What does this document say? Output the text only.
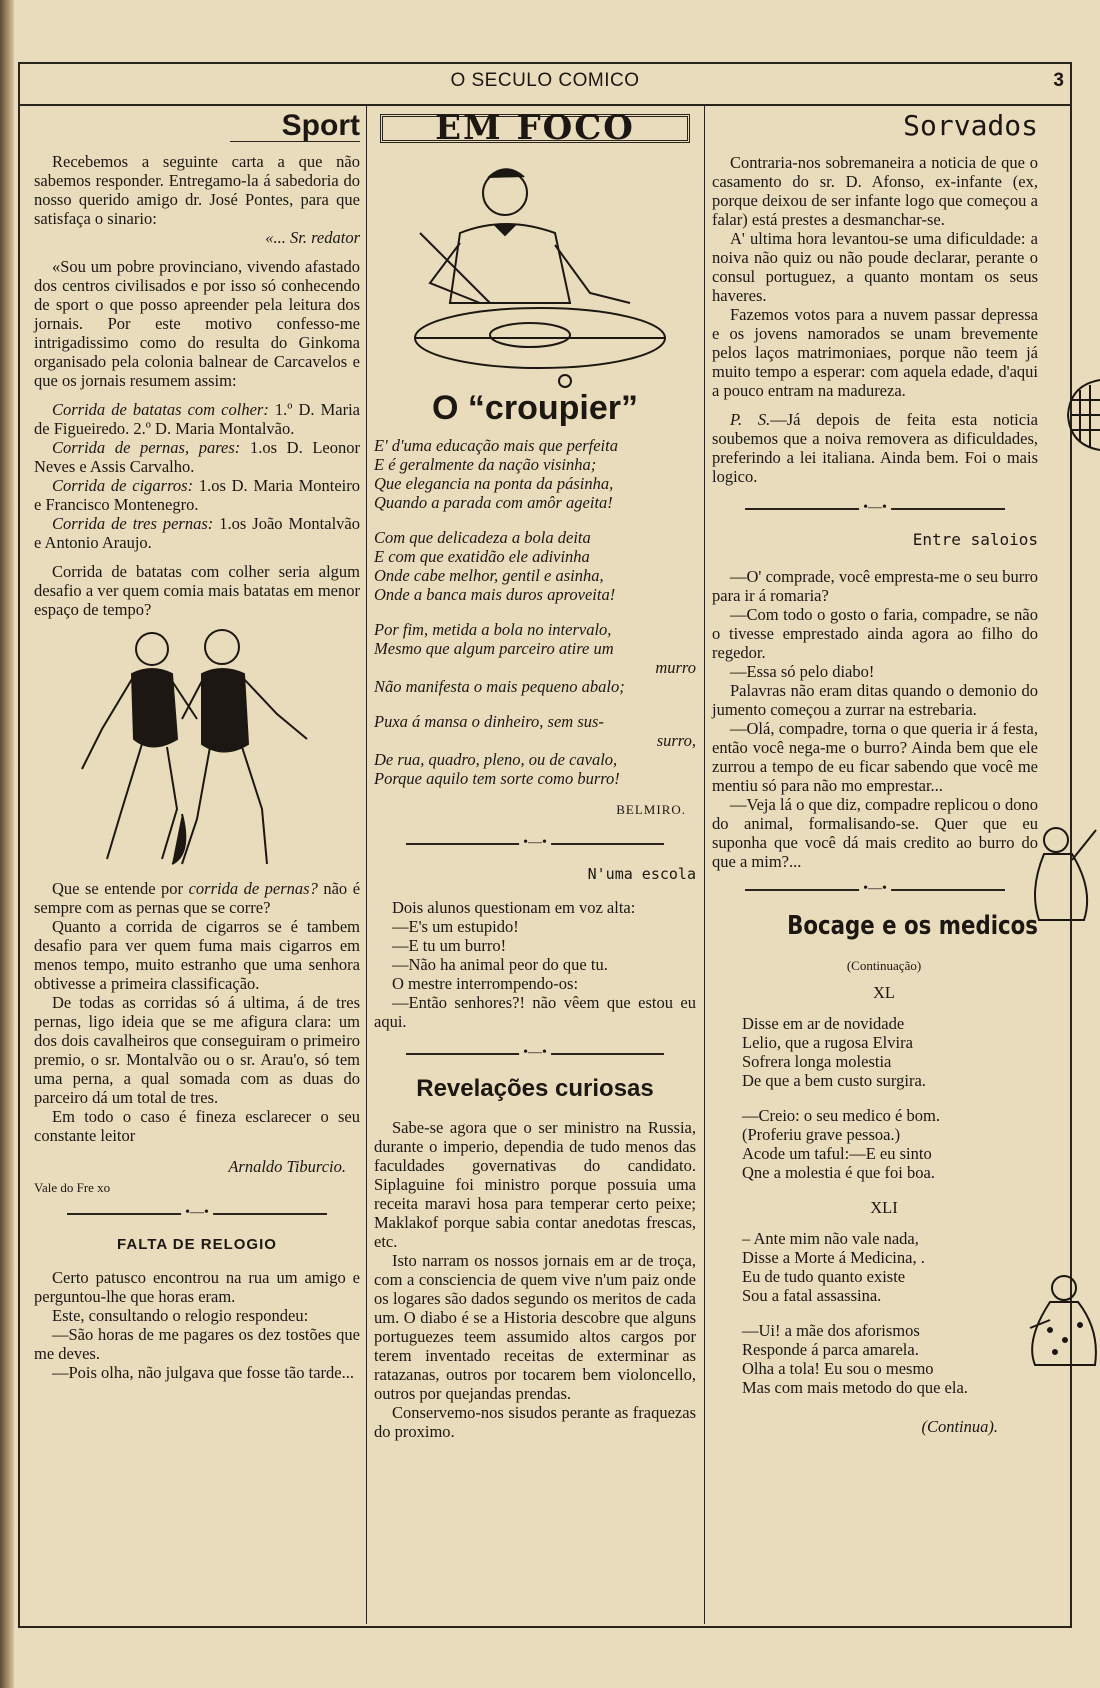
O SECULO COMICO	3
Sport

Recebemos a seguinte carta a que não sabemos responder. Entregamo-la á sabedoria do nosso querido amigo dr. José Pontes, para que satisfaça o sinario:

«... Sr. redator

«Sou um pobre provinciano, vivendo afastado dos centros civilisados e por isso só conhecendo de sport o que posso apreender pela leitura dos jornais. Por este motivo confesso-me intrigadissimo como do resulta do Ginkoma organisado pela colonia balnear de Carcavelos e que os jornais resumem assim:

Corrida de batatas com colher: 1.º D. Maria de Figueiredo. 2.º D. Maria Montalvão.

Corrida de pernas, pares: 1.os D. Leonor Neves e Assis Carvalho.

Corrida de cigarros: 1.os D. Maria Monteiro e Francisco Montenegro.

Corrida de tres pernas: 1.os João Montalvão e Antonio Araujo.

Corrida de batatas com colher seria algum desafio a ver quem comia mais batatas em menor espaço de tempo?

Que se entende por corrida de pernas? não é sempre com as pernas que se corre?

Quanto a corrida de cigarros se é tambem desafio para ver quem fuma mais cigarros em menos tempo, muito estranho que uma senhora obtivesse a primeira classificação.

De todas as corridas só á ultima, á de tres pernas, ligo ideia que se me afigura clara: um dos dois cavalheiros que conseguiram o primeiro premio, o sr. Montalvão ou o sr. Arau'o, só tem uma perna, a qual somada com as duas do parceiro dá um total de tres.

Em todo o caso é fineza esclarecer o seu constante leitor

Arnaldo Tiburcio.

Vale do Fre xo

•—•
FALTA DE RELOGIO

Certo patusco encontrou na rua um amigo e perguntou-lhe que horas eram.

Este, consultando o relogio respondeu:

—São horas de me pagares os dez tostões que me deves.

—Pois olha, não julgava que fosse tão tarde...

EM FOCO
O “croupier”
E' d'uma educação mais que perfeita
E é geralmente da nação visinha;
Que elegancia na ponta da pásinha,
Quando a parada com amôr ageita!
Com que delicadeza a bola deita
E com que exatidão ele adivinha
Onde cabe melhor, gentil e asinha,
Onde a banca mais duros aproveita!
Por fim, metida a bola no intervalo,
Mesmo que algum parceiro atire um
murro
Não manifesta o mais pequeno abalo;
Puxa á mansa o dinheiro, sem sus-
surro,
De rua, quadro, pleno, ou de cavalo,
Porque aquilo tem sorte como burro!

BELMIRO.

•—•
N'uma escola

Dois alunos questionam em voz alta:

—E's um estupido!

—E tu um burro!

—Não ha animal peor do que tu.

O mestre interrompendo-os:

—Então senhores?! não vêem que estou eu aqui.

•—•
Revelações curiosas

Sabe-se agora que o ser ministro na Russia, durante o imperio, dependia de tudo menos das faculdades governativas do candidato. Siplaguine foi ministro porque possuia uma receita maravi hosa para temperar certo peixe; Maklakof porque sabia contar anedotas frescas, etc.

Isto narram os nossos jornais em ar de troça, com a consciencia de quem vive n'um paiz onde os logares são dados segundo os meritos de cada um. O diabo é se a Historia descobre que alguns portuguezes teem assumido altos cargos por terem inventado receitas de exterminar as ratazanas, outros por tocarem bem violoncello, outros por quejandas prendas.

Conservemo-nos sisudos perante as fraquezas do proximo.

Sorvados

Contraria-nos sobremaneira a noticia de que o casamento do sr. D. Afonso, ex-infante (ex, porque deixou de ser infante logo que começou a falar) está prestes a desmanchar-se.

A' ultima hora levantou-se uma dificuldade: a noiva não quiz ou não poude declarar, perante o consul portuguez, a quanto montam os seus haveres.

Fazemos votos para a nuvem passar depressa e os jovens namorados se unam brevemente pelos laços matrimoniaes, porque não teem já muito tempo a esperar: com aquela edade, d'aqui a pouco entram na madureza.

P. S.—Já depois de feita esta noticia soubemos que a noiva removera as dificuldades, preferindo a lei italiana. Ainda bem. Foi o mais logico.

•—•
Entre saloios

—O' comprade, você empresta-me o seu burro para ir á romaria?

—Com todo o gosto o faria, compadre, se não o tivesse emprestado ainda agora ao filho do regedor.

—Essa só pelo diabo!

Palavras não eram ditas quando o demonio do jumento começou a zurrar na estrebaria.

—Olá, compadre, torna o que queria ir á festa, então você nega-me o burro? Ainda bem que ele zurrou a tempo de eu ficar sabendo que você me mentiu só para não mo emprestar...

—Veja lá o que diz, compadre replicou o dono do animal, formalisando-se. Quer que eu suponha que você dá mais credito ao burro do que a mim?...

•—•
Bocage e os medicos

(Continuação)

XL

Disse em ar de novidade
Lelio, que a rugosa Elvira
Sofrera longa molestia
De que a bem custo surgira.
—Creio: o seu medico é bom.
(Proferiu grave pessoa.)
Acode um taful:—E eu sinto
Qne a molestia é que foi boa.

XLI

– Ante mim não vale nada,
Disse a Morte á Medicina, .
Eu de tudo quanto existe
Sou a fatal assassina.
—Ui! a mãe dos aforismos
Responde á parca amarela.
Olha a tola! Eu sou o mesmo
Mas com mais metodo do que ela.

(Continua).
